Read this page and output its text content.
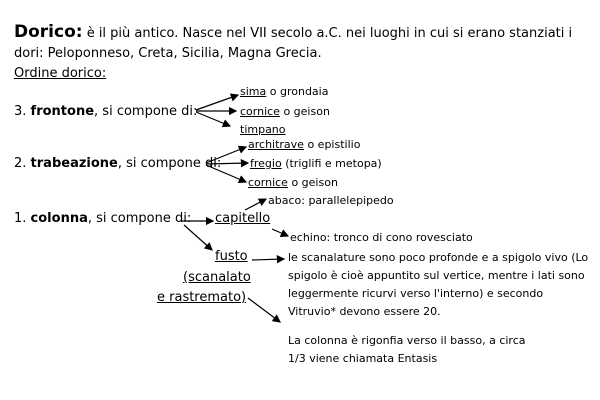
Dorico: è il più antico. Nasce nel VII secolo a.C. nei luoghi in cui si erano stanziati i
dori: Peloponneso, Creta, Sicilia, Magna Grecia.
Ordine dorico:
3. frontone, si compone di:
sima o grondaia
cornice o geison
timpano
2. trabeazione, si compone di:
architrave o epistilio
fregio (triglifi e metopa)
cornice o geison
1. colonna, si compone di:
abaco: parallelepipedo
capitello
echino: tronco di cono rovesciato
fusto
(scanalato
e rastremato)
le scanalature sono poco profonde e a spigolo vivo (Lo
spigolo è cioè appuntito sul vertice, mentre i lati sono
leggermente ricurvi verso l'interno) e secondo
Vitruvio* devono essere 20.
La colonna è rigonfia verso il basso, a circa
1/3 viene chiamata Entasis
